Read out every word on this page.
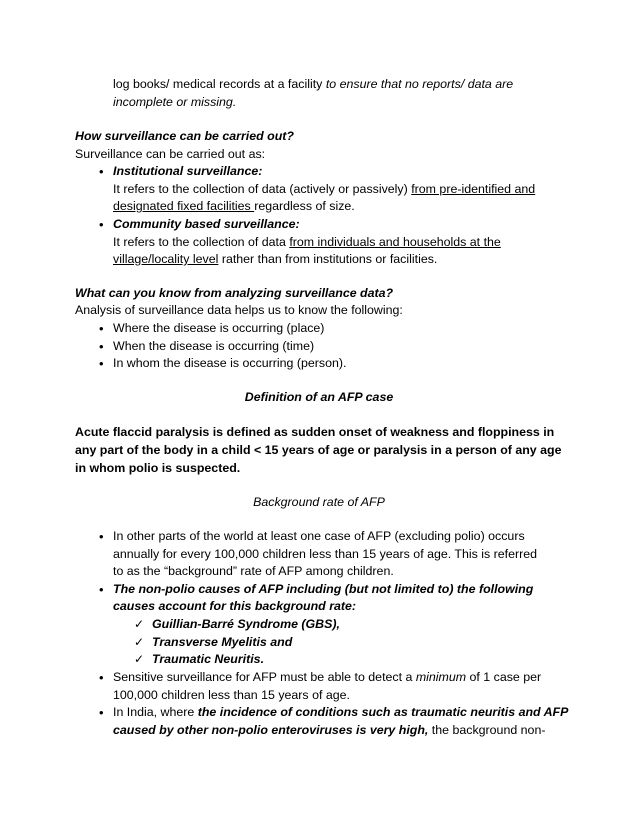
log books/ medical records at a facility to ensure that no reports/ data are
incomplete or missing.
How surveillance can be carried out?
Surveillance can be carried out as:
• Institutional surveillance:
It refers to the collection of data (actively or passively) from pre-identified and
designated fixed facilities regardless of size.
• Community based surveillance:
It refers to the collection of data from individuals and households at the
village/locality level rather than from institutions or facilities.
What can you know from analyzing surveillance data?
Analysis of surveillance data helps us to know the following:
• Where the disease is occurring (place)
• When the disease is occurring (time)
• In whom the disease is occurring (person).
Definition of an AFP case
Acute flaccid paralysis is defined as sudden onset of weakness and floppiness in
any part of the body in a child < 15 years of age or paralysis in a person of any age
in whom polio is suspected.
Background rate of AFP
• In other parts of the world at least one case of AFP (excluding polio) occurs
annually for every 100,000 children less than 15 years of age. This is referred
to as the “background” rate of AFP among children.
• The non-polio causes of AFP including (but not limited to) the following
causes account for this background rate:
✓ Guillian-Barré Syndrome (GBS),
✓ Transverse Myelitis and
✓ Traumatic Neuritis.
• Sensitive surveillance for AFP must be able to detect a minimum of 1 case per
100,000 children less than 15 years of age.
• In India, where the incidence of conditions such as traumatic neuritis and AFP
caused by other non-polio enteroviruses is very high, the background non-
